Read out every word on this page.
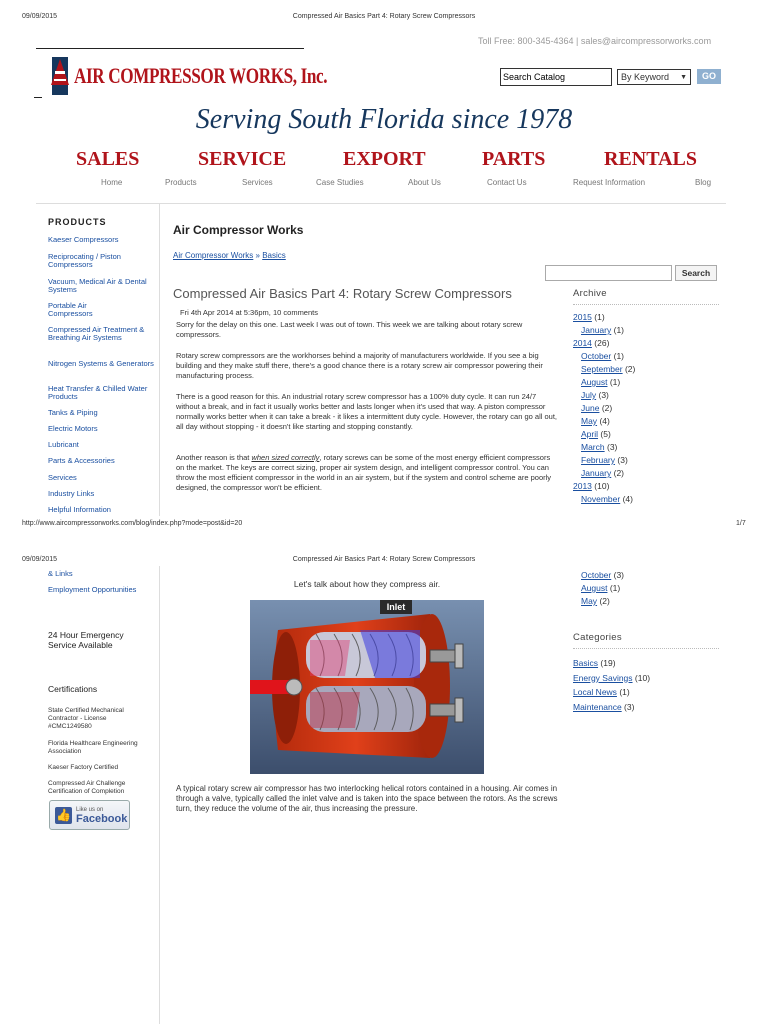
09/09/2015	Compressed Air Basics Part 4: Rotary Screw Compressors
AIR COMPRESSOR WORKS, Inc.
Toll Free: 800-345-4364 | sales@aircompressorworks.com
Search Catalog
By Keyword ▼	GO
Serving South Florida since 1978
SALES	SERVICE	EXPORT	PARTS	RENTALS
Home	Products	Services	Case Studies	About Us	Contact Us	Request Information	Blog
PRODUCTS
Kaeser Compressors
Reciprocating / Piston Compressors
Vacuum, Medical Air & Dental Systems
Portable Air Compressors
Compressed Air Treatment & Breathing Air Systems
Nitrogen Systems & Generators
Heat Transfer & Chilled Water Products
Tanks & Piping
Electric Motors
Lubricant
Parts & Accessories
Services
Industry Links
Helpful Information
Air Compressor Works
Air Compressor Works » Basics
Search
Compressed Air Basics Part 4: Rotary Screw Compressors
Fri 4th Apr 2014 at 5:36pm, 10 comments
Sorry for the delay on this one. Last week I was out of town. This week we are talking about rotary screw compressors.
Rotary screw compressors are the workhorses behind a majority of manufacturers worldwide. If you see a big building and they make stuff there, there's a good chance there is a rotary screw air compressor powering their manufacturing process.
There is a good reason for this. An industrial rotary screw compressor has a 100% duty cycle. It can run 24/7 without a break, and in fact it usually works better and lasts longer when it's used that way. A piston compressor normally works better when it can take a break - it likes a intermittent duty cycle. However, the rotary can go all out, all day without stopping - it doesn't like starting and stopping constantly.
Another reason is that when sized correctly, rotary screws can be some of the most energy efficient compressors on the market. The keys are correct sizing, proper air system design, and intelligent compressor control. You can throw the most efficient compressor in the world in an air system, but if the system and control scheme are poorly designed, the compressor won't be efficient.
Archive
2015 (1)
January (1)
2014 (26)
October (1)
September (2)
August (1)
July (3)
June (2)
May (4)
April (5)
March (3)
February (3)
January (2)
2013 (10)
November (4)
http://www.aircompressorworks.com/blog/index.php?mode=post&id=20	1/7
09/09/2015	Compressed Air Basics Part 4: Rotary Screw Compressors
& Links
Employment Opportunities
24 Hour Emergency Service Available
Certifications
State Certified Mechanical Contractor - License #CMC1249580
Florida Healthcare Engineering Association
Kaeser Factory Certified
Compressed Air Challenge Certification of Completion
👍 Like us on
Facebook
Let's talk about how they compress air.
Inlet
A typical rotary screw air compressor has two interlocking helical rotors contained in a housing. Air comes in through a valve, typically called the inlet valve and is taken into the space between the rotors. As the screws turn, they reduce the volume of the air, thus increasing the pressure.
October (3)
August (1)
May (2)
Categories
Basics (19)
Energy Savings (10)
Local News (1)
Maintenance (3)
